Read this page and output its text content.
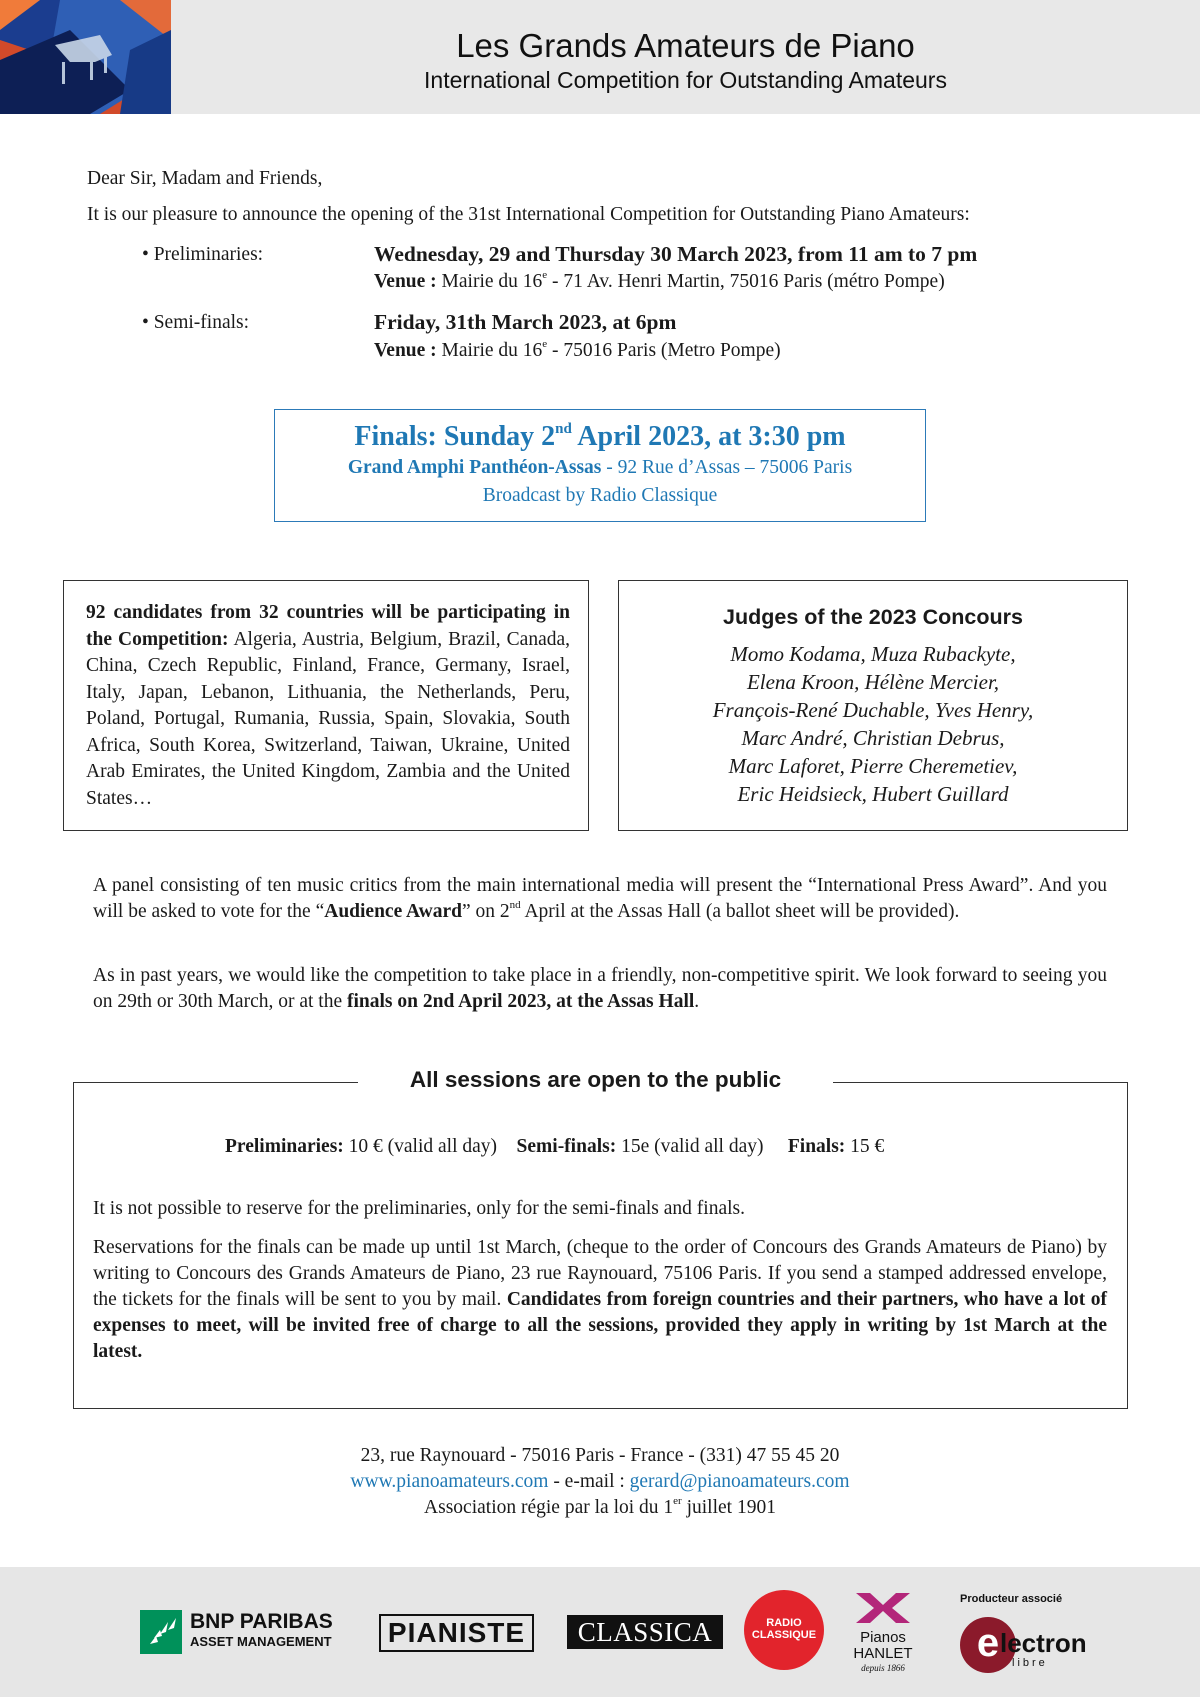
Les Grands Amateurs de Piano
International Competition for Outstanding Amateurs
Dear Sir, Madam and Friends,
It is our pleasure to announce the opening of the 31st International Competition for Outstanding Piano Amateurs:
• Preliminaries:	Wednesday, 29 and Thursday 30 March 2023, from 11 am to 7 pm
Venue : Mairie du 16e - 71 Av. Henri Martin, 75016 Paris (métro Pompe)
• Semi-finals:	Friday, 31th March 2023, at 6pm
Venue : Mairie du 16e - 75016 Paris (Metro Pompe)
Finals: Sunday 2nd April 2023, at 3:30 pm
Grand Amphi Panthéon-Assas - 92 Rue d’Assas – 75006 Paris
Broadcast by Radio Classique
92 candidates from 32 countries will be participating in the Competition: Algeria, Austria, Belgium, Brazil, Canada, China, Czech Republic, Finland, France, Germany, Israel, Italy, Japan, Lebanon, Lithuania, the Netherlands, Peru, Poland, Portugal, Rumania, Russia, Spain, Slovakia, South Africa, South Korea, Switzerland, Taiwan, Ukraine, United Arab Emirates, the United Kingdom, Zambia and the United States…
Judges of the 2023 Concours
Momo Kodama, Muza Rubackyte,
Elena Kroon, Hélène Mercier,
François-René Duchable, Yves Henry,
Marc André, Christian Debrus,
Marc Laforet, Pierre Cheremetiev,
Eric Heidsieck, Hubert Guillard
A panel consisting of ten music critics from the main international media will present the “International Press Award”. And you will be asked to vote for the “Audience Award” on 2nd April at the Assas Hall (a ballot sheet will be provided).
As in past years, we would like the competition to take place in a friendly, non-competitive spirit. We look forward to seeing you on 29th or 30th March, or at the finals on 2nd April 2023, at the Assas Hall.
All sessions are open to the public
Preliminaries: 10 € (valid all day) Semi-finals: 15e (valid all day) Finals: 15 €
It is not possible to reserve for the preliminaries, only for the semi-finals and finals.
Reservations for the finals can be made up until 1st March, (cheque to the order of Concours des Grands Amateurs de Piano) by writing to Concours des Grands Amateurs de Piano, 23 rue Raynouard, 75106 Paris. If you send a stamped addressed envelope, the tickets for the finals will be sent to you by mail. Candidates from foreign countries and their partners, who have a lot of expenses to meet, will be invited free of charge to all the sessions, provided they apply in writing by 1st March at the latest.
23, rue Raynouard - 75016 Paris - France - (331) 47 55 45 20
www.pianoamateurs.com - e-mail : gerard@pianoamateurs.com
Association régie par la loi du 1er juillet 1901
BNP PARIBAS
ASSET MANAGEMENT	PIANISTE	CLASSICA	RADIO
CLASSIQUE	Pianos
HANLET
depuis 1866
Producteur associé
e lectron
libre
